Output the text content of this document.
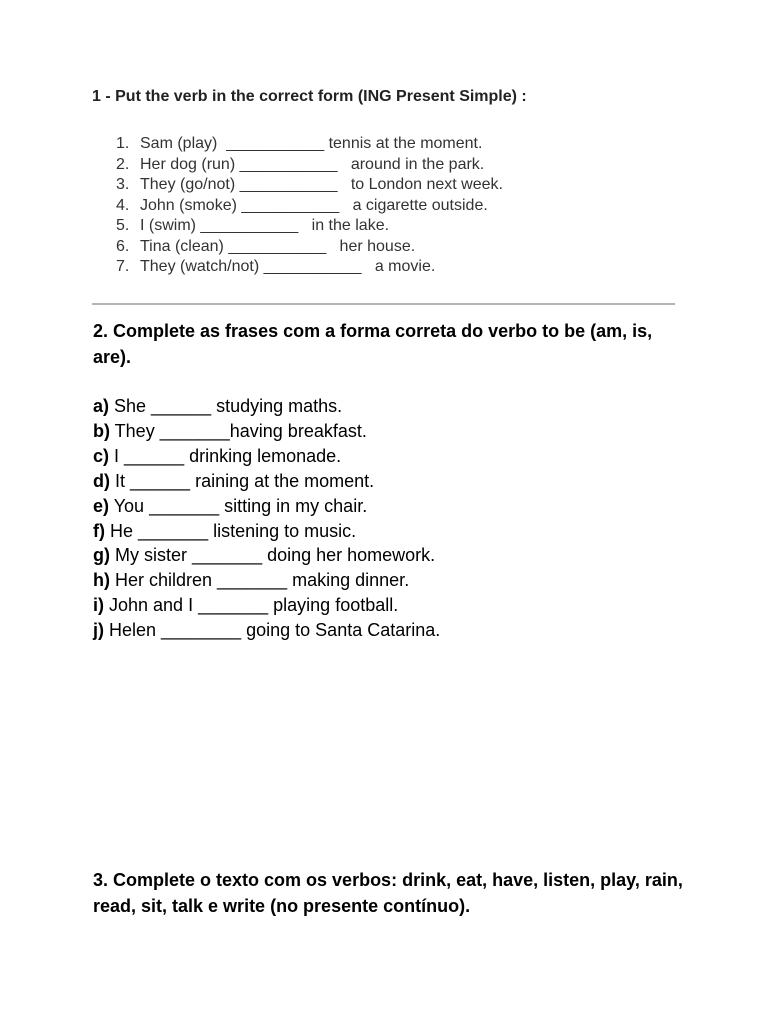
1 - Put the verb in the correct form (ING Present Simple) :
1. Sam (play)  ___________ tennis at the moment.
2. Her dog (run) ___________   around in the park.
3. They (go/not) ___________   to London next week.
4. John (smoke) ___________   a cigarette outside.
5. I (swim) ___________   in the lake.
6. Tina (clean) ___________   her house.
7. They (watch/not) ___________   a movie.
2. Complete as frases com a forma correta do verbo to be (am, is, are).
a) She ______ studying maths.
b) They _______having breakfast.
c) I ______ drinking lemonade.
d) It ______ raining at the moment.
e) You _______ sitting in my chair.
f) He _______ listening to music.
g) My sister _______ doing her homework.
h) Her children _______ making dinner.
i) John and I _______ playing football.
j) Helen ________ going to Santa Catarina.
3. Complete o texto com os verbos: drink, eat, have, listen, play, rain, read, sit, talk e write (no presente contínuo).
